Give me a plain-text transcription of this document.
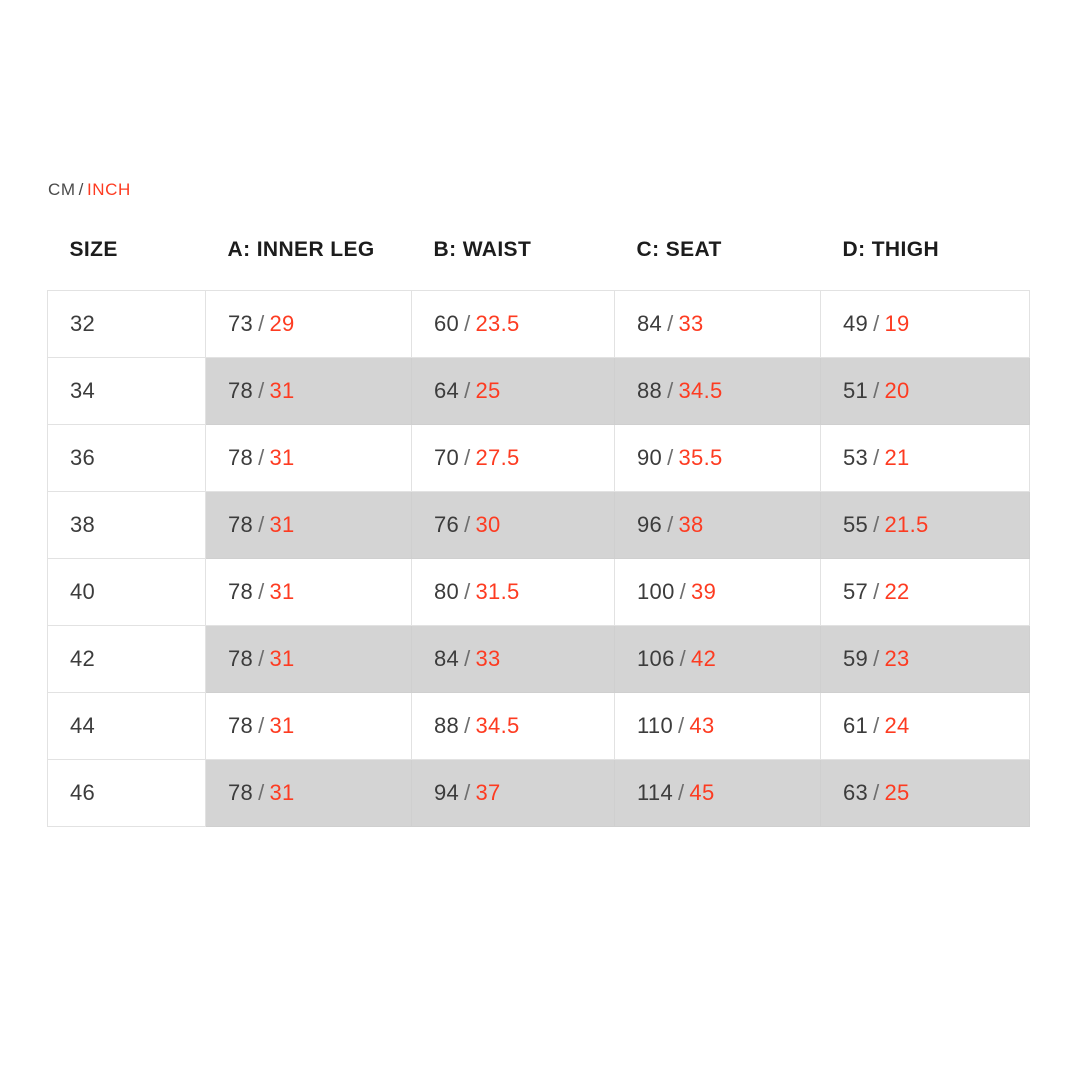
CM / INCH
SIZE	A: INNER LEG	B: WAIST	C: SEAT	D: THIGH
32	73 / 29	60 / 23.5	84 / 33	49 / 19
34	78 / 31	64 / 25	88 / 34.5	51 / 20
36	78 / 31	70 / 27.5	90 / 35.5	53 / 21
38	78 / 31	76 / 30	96 / 38	55 / 21.5
40	78 / 31	80 / 31.5	100 / 39	57 / 22
42	78 / 31	84 / 33	106 / 42	59 / 23
44	78 / 31	88 / 34.5	110 / 43	61 / 24
46	78 / 31	94 / 37	114 / 45	63 / 25
